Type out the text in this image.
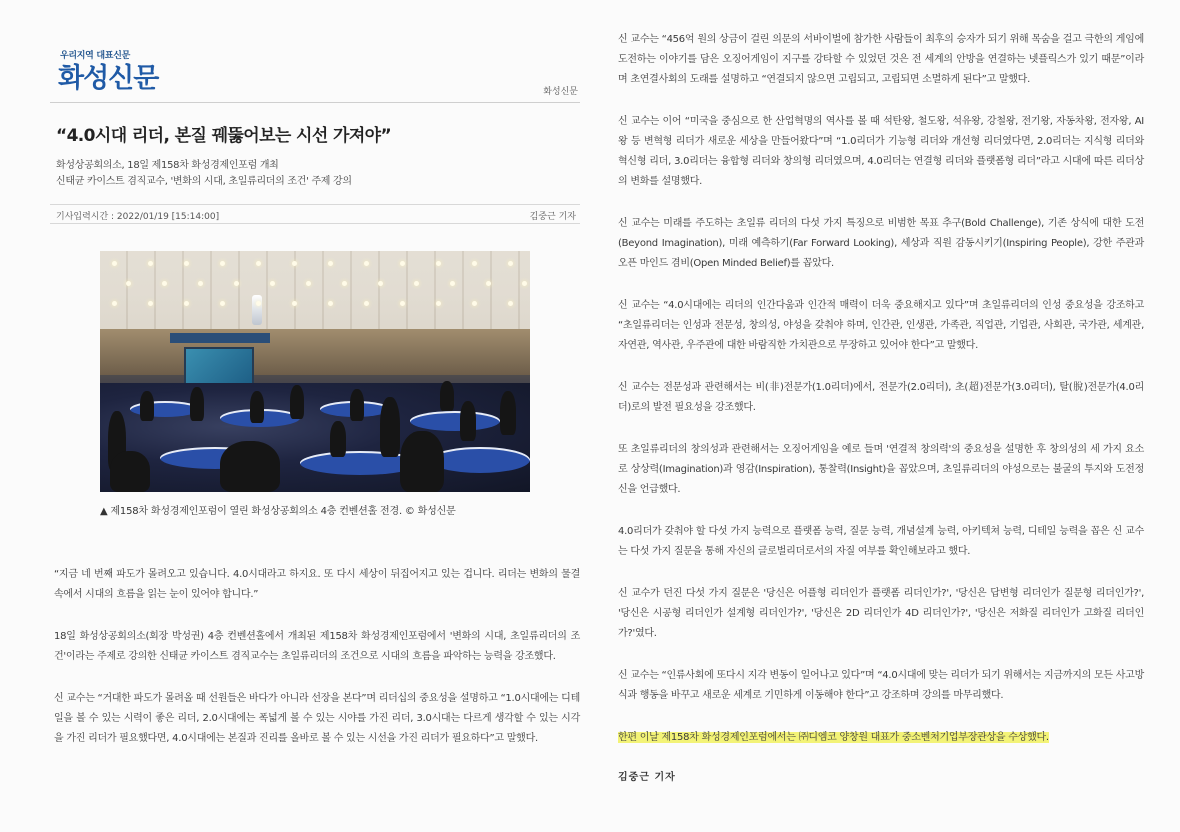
우리지역 대표신문
화성신문	화성신문
“4.0시대 리더, 본질 꿰뚫어보는 시선 가져야”
화성상공회의소, 18일 제158차 화성경제인포럼 개최
신태균 카이스트 겸직교수, '변화의 시대, 초일류리더의 조건' 주제 강의
기사입력시간 : 2022/01/19 [15:14:00]	김중근 기자
▲ 제158차 화성경제인포럼이 열린 화성상공회의소 4층 컨벤션홀 전경. © 화성신문

“지금 네 번째 파도가 몰려오고 있습니다. 4.0시대라고 하지요. 또 다시 세상이 뒤집어지고 있는 겁니다. 리더는 변화의 물결 속에서 시대의 흐름을 읽는 눈이 있어야 합니다.”

18일 화성상공회의소(회장 박성권) 4층 컨벤션홀에서 개최된 제158차 화성경제인포럼에서 '변화의 시대, 초일류리더의 조건'이라는 주제로 강의한 신태균 카이스트 겸직교수는 초일류리더의 조건으로 시대의 흐름을 파악하는 능력을 강조했다.

신 교수는 “거대한 파도가 몰려올 때 선원들은 바다가 아니라 선장을 본다”며 리더십의 중요성을 설명하고 “1.0시대에는 디테일을 볼 수 있는 시력이 좋은 리더, 2.0시대에는 폭넓게 볼 수 있는 시야를 가진 리더, 3.0시대는 다르게 생각할 수 있는 시각을 가진 리더가 필요했다면, 4.0시대에는 본질과 진리를 올바로 볼 수 있는 시선을 가진 리더가 필요하다”고 말했다.

신 교수는 “456억 원의 상금이 걸린 의문의 서바이벌에 참가한 사람들이 최후의 승자가 되기 위해 목숨을 걸고 극한의 게임에 도전하는 이야기를 담은 오징어게임이 지구를 강타할 수 있었던 것은 전 세계의 안방을 연결하는 넷플릭스가 있기 때문”이라며 초연결사회의 도래를 설명하고 “연결되지 않으면 고립되고, 고립되면 소멸하게 된다”고 말했다.

신 교수는 이어 “미국을 중심으로 한 산업혁명의 역사를 볼 때 석탄왕, 철도왕, 석유왕, 강철왕, 전기왕, 자동차왕, 전자왕, AI왕 등 변혁형 리더가 새로운 세상을 만들어왔다”며 “1.0리더가 기능형 리더와 개선형 리더였다면, 2.0리더는 지식형 리더와 혁신형 리더, 3.0리더는 융합형 리더와 창의형 리더였으며, 4.0리더는 연결형 리더와 플랫폼형 리더”라고 시대에 따른 리더상의 변화를 설명했다.

신 교수는 미래를 주도하는 초일류 리더의 다섯 가지 특징으로 비범한 목표 추구(Bold Challenge), 기존 상식에 대한 도전(Beyond Imagination), 미래 예측하기(Far Forward Looking), 세상과 직원 감동시키기(Inspiring People), 강한 주관과 오픈 마인드 겸비(Open Minded Belief)를 꼽았다.

신 교수는 “4.0시대에는 리더의 인간다움과 인간적 매력이 더욱 중요해지고 있다”며 초일류리더의 인성 중요성을 강조하고 “초일류리더는 인성과 전문성, 창의성, 야성을 갖춰야 하며, 인간관, 인생관, 가족관, 직업관, 기업관, 사회관, 국가관, 세계관, 자연관, 역사관, 우주관에 대한 바람직한 가치관으로 무장하고 있어야 한다”고 말했다.

신 교수는 전문성과 관련해서는 비(非)전문가(1.0리더)에서, 전문가(2.0리더), 초(超)전문가(3.0리더), 탈(脫)전문가(4.0리더)로의 발전 필요성을 강조했다.

또 초일류리더의 창의성과 관련해서는 오징어게임을 예로 들며 '연결적 창의력'의 중요성을 설명한 후 창의성의 세 가지 요소로 상상력(Imagination)과 영감(Inspiration), 통찰력(Insight)을 꼽았으며, 초일류리더의 야성으로는 불굴의 투지와 도전정신을 언급했다.

4.0리더가 갖춰야 할 다섯 가지 능력으로 플랫폼 능력, 질문 능력, 개념설계 능력, 아키텍쳐 능력, 디테일 능력을 꼽은 신 교수는 다섯 가지 질문을 통해 자신의 글로벌리더로서의 자질 여부를 확인해보라고 했다.

신 교수가 던진 다섯 가지 질문은 '당신은 어플형 리더인가 플랫폼 리더인가?', '당신은 답변형 리더인가 질문형 리더인가?', '당신은 시공형 리더인가 설계형 리더인가?', '당신은 2D 리더인가 4D 리더인가?', '당신은 저화질 리더인가 고화질 리더인가?'였다.

신 교수는 “인류사회에 또다시 지각 변동이 일어나고 있다”며 “4.0시대에 맞는 리더가 되기 위해서는 지금까지의 모든 사고방식과 행동을 바꾸고 새로운 세계로 기민하게 이동해야 한다”고 강조하며 강의를 마무리했다.

한편 이날 제158차 화성경제인포럼에서는 ㈜디엠코 양창원 대표가 중소벤처기업부장관상을 수상했다.

김중근 기자
